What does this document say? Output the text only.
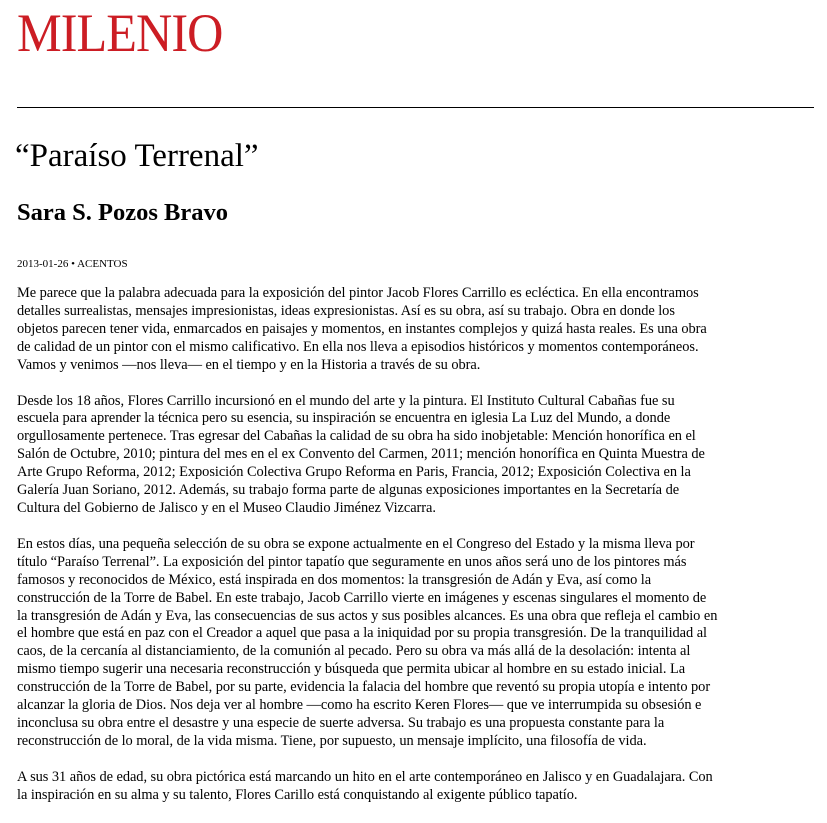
MILENIO
“Paraíso Terrenal”
Sara S. Pozos Bravo
2013-01-26 • ACENTOS

Me parece que la palabra adecuada para la exposición del pintor Jacob Flores Carrillo es ecléctica. En ella encontramos
detalles surrealistas, mensajes impresionistas, ideas expresionistas. Así es su obra, así su trabajo. Obra en donde los
objetos parecen tener vida, enmarcados en paisajes y momentos, en instantes complejos y quizá hasta reales. Es una obra
de calidad de un pintor con el mismo calificativo. En ella nos lleva a episodios históricos y momentos contemporáneos.
Vamos y venimos —nos lleva— en el tiempo y en la Historia a través de su obra.

Desde los 18 años, Flores Carrillo incursionó en el mundo del arte y la pintura. El Instituto Cultural Cabañas fue su
escuela para aprender la técnica pero su esencia, su inspiración se encuentra en iglesia La Luz del Mundo, a donde
orgullosamente pertenece. Tras egresar del Cabañas la calidad de su obra ha sido inobjetable: Mención honorífica en el
Salón de Octubre, 2010; pintura del mes en el ex Convento del Carmen, 2011; mención honorífica en Quinta Muestra de
Arte Grupo Reforma, 2012; Exposición Colectiva Grupo Reforma en Paris, Francia, 2012; Exposición Colectiva en la
Galería Juan Soriano, 2012. Además, su trabajo forma parte de algunas exposiciones importantes en la Secretaría de
Cultura del Gobierno de Jalisco y en el Museo Claudio Jiménez Vizcarra.

En estos días, una pequeña selección de su obra se expone actualmente en el Congreso del Estado y la misma lleva por
título “Paraíso Terrenal”. La exposición del pintor tapatío que seguramente en unos años será uno de los pintores más
famosos y reconocidos de México, está inspirada en dos momentos: la transgresión de Adán y Eva, así como la
construcción de la Torre de Babel. En este trabajo, Jacob Carrillo vierte en imágenes y escenas singulares el momento de
la transgresión de Adán y Eva, las consecuencias de sus actos y sus posibles alcances. Es una obra que refleja el cambio en
el hombre que está en paz con el Creador a aquel que pasa a la iniquidad por su propia transgresión. De la tranquilidad al
caos, de la cercanía al distanciamiento, de la comunión al pecado. Pero su obra va más allá de la desolación: intenta al
mismo tiempo sugerir una necesaria reconstrucción y búsqueda que permita ubicar al hombre en su estado inicial. La
construcción de la Torre de Babel, por su parte, evidencia la falacia del hombre que reventó su propia utopía e intento por
alcanzar la gloria de Dios. Nos deja ver al hombre —como ha escrito Keren Flores— que ve interrumpida su obsesión e
inconclusa su obra entre el desastre y una especie de suerte adversa. Su trabajo es una propuesta constante para la
reconstrucción de lo moral, de la vida misma. Tiene, por supuesto, un mensaje implícito, una filosofía de vida.

A sus 31 años de edad, su obra pictórica está marcando un hito en el arte contemporáneo en Jalisco y en Guadalajara. Con
la inspiración en su alma y su talento, Flores Carillo está conquistando al exigente público tapatío.
